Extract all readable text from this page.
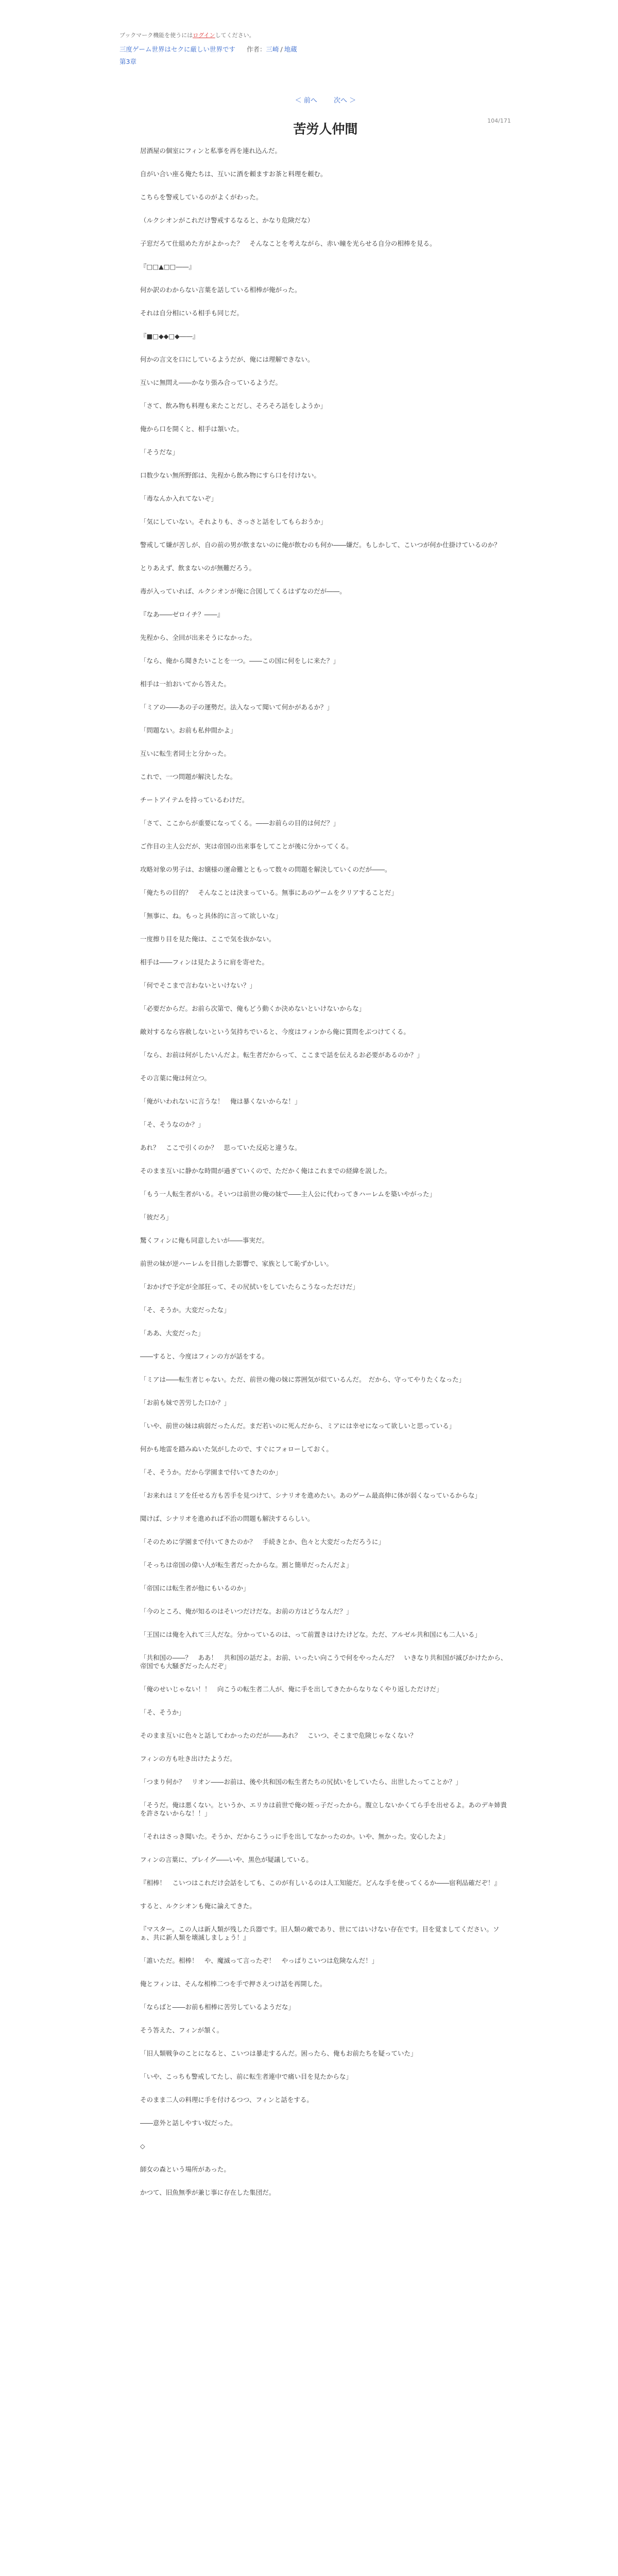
ブックマーク機能を使うにはログインしてください。
三度ゲーム世界はセクに厳しい世界です 作者：三崎 / 地蔵
第3章
＜ 前へ 次へ ＞
104/171
苦労人仲間

居酒屋の個室にフィンと私事を再を連れ込んだ。

自がい合い座る俺たちは、互いに酒を頼ますお茶と料理を頼む。

こちらを警戒しているのがよくがわった。

（ルクシオンがこれだけ警戒するなると、かなり危険だな）

子窓だろて仕組めた方がよかった？　そんなことを考えながら、赤い瞳を光らせる自分の相棒を見る。

『□□▲□□――』

何か訳のわからない言葉を話している相棒が俺がった。

それは自分相にいる相手も同じだ。

『■□◆◆□◆――』

何かの言文を口にしているようだが、俺には理解できない。

互いに無問え――かなり張み合っているようだ。

「さて、飲み物も料理も来たことだし、そろそろ話をしようか」

俺から口を開くと、相手は頷いた。

「そうだな」

口数少ない無所野郎は、先程から飲み物にすら口を付けない。

「毒なんか入れてないぞ」

「気にしていない。それよりも、さっさと話をしてもらおうか」

警戒して嫌が苦しが、自の前の男が飲まないのに俺が飲むのも何か――嫌だ。もしかして、こいつが何か仕掛けているのか？

とりあえず、飲まないのが無難だろう。

毒が入っていれば、ルクシオンが俺に合図してくるはずなのだが――。

『なあ――ゼロイチ？――』

先程から、全回が出来そうになかった。

「なら、俺から聞きたいことを一つ。――この国に何をしに来た？」

相手は一拍おいてから答えた。

「ミアの――あの子の運勢だ。法入なって聞いて何かがあるか？」

「問題ない。お前も私仲間かよ」

互いに転生者同士と分かった。

これで、一つ問題が解決したな。

チートアイテムを持っているわけだ。

「さて、ここからが重要になってくる。――お前らの目的は何だ？」

ご作目の主人公だが、実は帝国の出来事をしてことが後に分かってくる。

攻略対象の男子は、お嬢様の運命難とともって数々の問題を解決していくのだが――。

「俺たちの目的？　そんなことは決まっている。無事にあのゲームをクリアすることだ」

「無事に、ね。もっと具体的に言って欲しいな」

一度擦り目を見た俺は、ここで気を抜かない。

相手は――フィンは見たように肩を寄せた。

「何でそこまで言わないといけない？」

「必要だからだ。お前ら次第で、俺もどう動くか決めないといけないからな」

敵対するなら容赦しないという気持ちでいると、今度はフィンから俺に質問をぶつけてくる。

「なら、お前は何がしたいんだよ。転生者だからって、ここまで話を伝えるお必要があるのか？」

その言葉に俺は何立つ。

「俺がいわれないに言うな！　俺は暴くないからな！」

「そ、そうなのか？」

あれ？　ここで引くのか？　思っていた反応と違うな。

そのまま互いに静かな時間が過ぎていくので、ただかく俺はこれまでの経緯を説した。

「もう一人転生者がいる。そいつは前世の俺の妹で――主人公に代わってきハーレムを築いやがった」

「彼だろ」

驚くフィンに俺も同意したいが――事実だ。

前世の妹が逆ハーレムを目指した影響で、家族として恥ずかしい。

「おかげで予定が全部狂って、その尻拭いをしていたらこうなっただけだ」

「そ、そうか。大変だったな」

「ああ、大変だった」

――すると、今度はフィンの方が話をする。

「ミアは――転生者じゃない。ただ、前世の俺の妹に雰囲気が似ているんだ。　だから、守ってやりたくなった」

「お前も妹で苦労した口か？」

「いや、前世の妹は病弱だったんだ。まだ若いのに死んだから、ミアには幸せになって欲しいと思っている」

何かも地雷を踏みぬいた気がしたので、すぐにフォローしておく。

「そ、そうか。だから学園まで付いてきたのか」

「お来れはミアを任せる方も苦手を見つけて、シナリオを進めたい。あのゲーム最高伸に体が弱くなっているからな」

聞けば、シナリオを進めれば不治の問題も解決するらしい。

「そのために学園まで付いてきたのか？　手続きとか、色々と大変だっただろうに」

「そっちは帝国の偉い人が転生者だったからな。割と簡単だったんだよ」

「帝国には転生者が他にもいるのか」

「今のところ、俺が知るのはそいつだけだな。お前の方はどうなんだ？」

「王国には俺を入れて三人だな。分かっているのは、って前置きはけたけどな。ただ、アルゼル共和国にも二人いる」

「共和国の――？　ああ！　共和国の話だよ。お前、いったい向こうで何をやったんだ？　いきなり共和国が滅びかけたから、帝国でも大騒ぎだったんだぞ」

「俺のせいじゃない！！　向こうの転生者二人が、俺に手を出してきたからなりなくやり返しただけだ」

「そ、そうか」

そのまま互いに色々と話してわかったのだが――あれ？　こいつ、そこまで危険じゃなくない？

フィンの方も吐き出けたようだ。

「つまり何か？　リオン――お前は、後や共和国の転生者たちの尻拭いをしていたら、出世したってことか？」

「そうだ。俺は悪くない。というか、エリカは前世で俺の姪っ子だったから。腹立しないかくてら手を出せるよ。あのデキ姉貴を許さないからな！！」

「それはさっき聞いた。そうか、だからこうっに手を出してなかったのか。いや、無かった。安心したよ」

フィンの言葉に、プレイグ――いや、黒色が疑議している。

『相棒！　こいつはこれだけ会話をしても、このが有しいるのは人工知能だ。どんな手を使ってくるか――宿利品確だぞ！』

すると、ルクシオンも俺に論えてきた。

『マスター。この人は新人類が残した兵器です。旧人類の敵であり、世にてはいけない存在です。目を覚ましてください。ソぁ、共に新人類を壊滅しましょう！』

「誰いただ。相棒！　や、魔滅って言ったぞ！　やっぱりこいつは危険なんだ！」

俺とフィンは、そんな相棒二つを手で押さえつけ話を再開した。

「ならばと――お前も相棒に苦労しているようだな」

そう答えた、フィンが頷く。

「旧人類戦争のことになると、こいつは暴走するんだ。困ったら、俺もお前たちを疑っていた」

「いや、こっちも警戒してたし、前に転生者連中で痛い目を見たからな」

そのまま二人の料理に手を付けるつつ、フィンと話をする。

――意外と話しやすい奴だった。

◇

師女の森という場所があった。

かつて、旧魚無季が兼じ事に存在した集団だ。
